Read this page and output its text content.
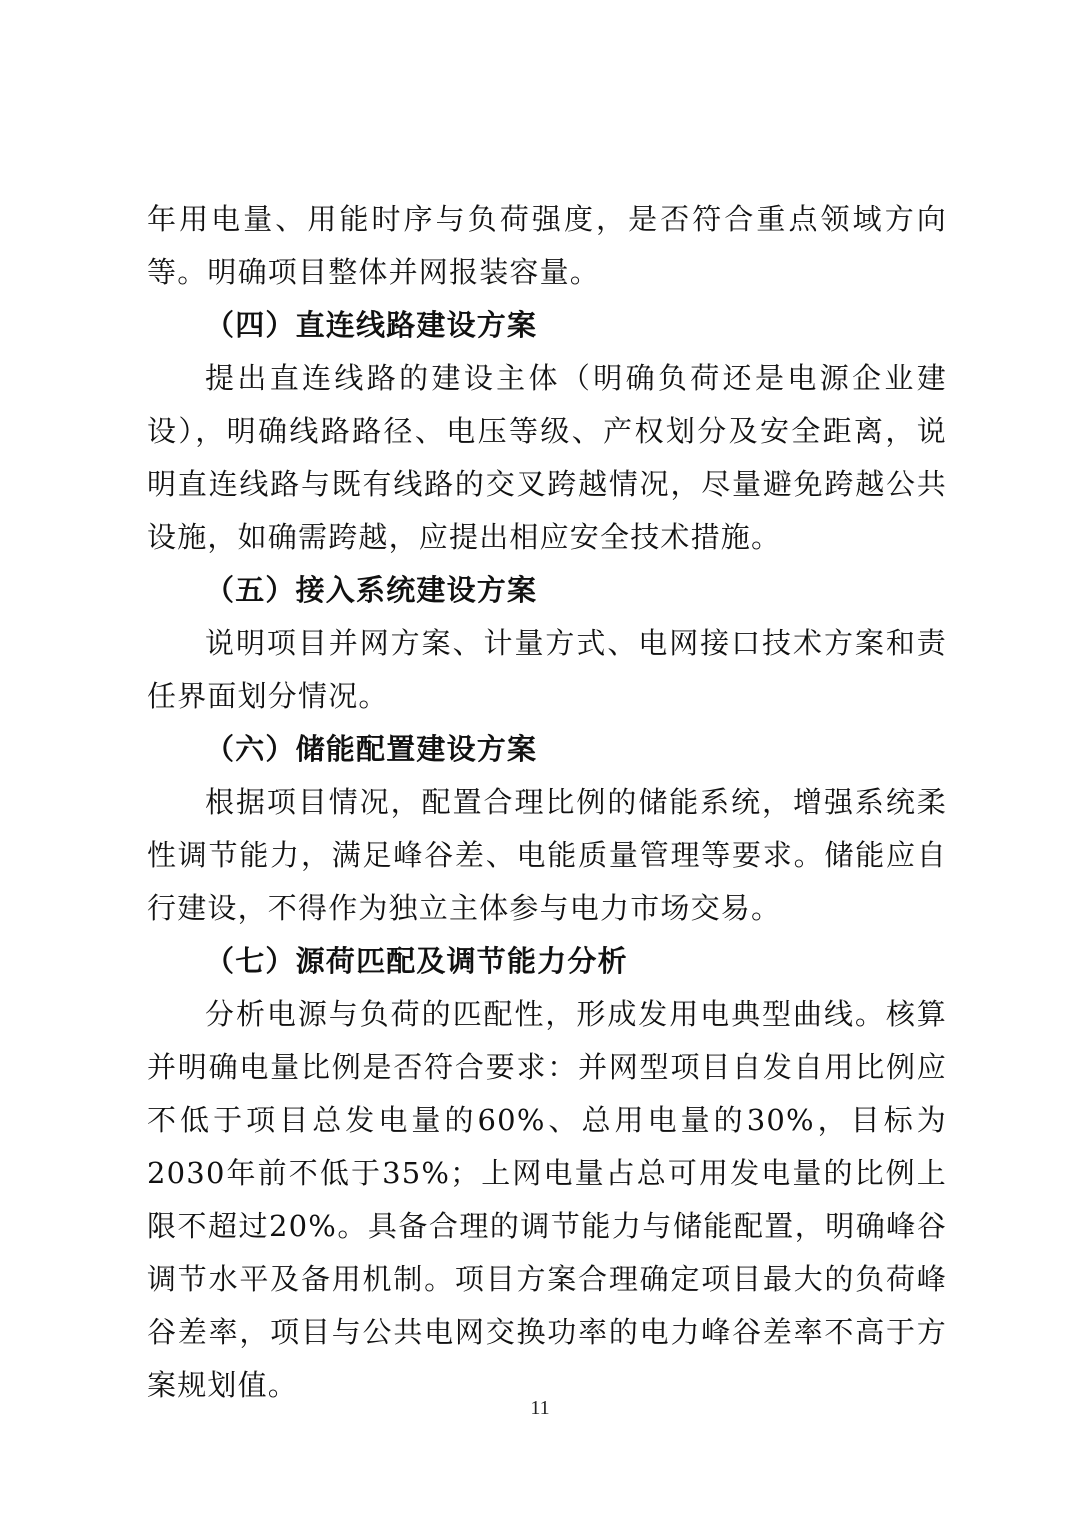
年用电量、用能时序与负荷强度，是否符合重点领域方向等。明确项目整体并网报装容量。

（四）直连线路建设方案

提出直连线路的建设主体（明确负荷还是电源企业建设），明确线路路径、电压等级、产权划分及安全距离，说明直连线路与既有线路的交叉跨越情况，尽量避免跨越公共设施，如确需跨越，应提出相应安全技术措施。

（五）接入系统建设方案

说明项目并网方案、计量方式、电网接口技术方案和责任界面划分情况。

（六）储能配置建设方案

根据项目情况，配置合理比例的储能系统，增强系统柔性调节能力，满足峰谷差、电能质量管理等要求。储能应自行建设，不得作为独立主体参与电力市场交易。

（七）源荷匹配及调节能力分析

分析电源与负荷的匹配性，形成发用电典型曲线。核算并明确电量比例是否符合要求：并网型项目自发自用比例应不低于项目总发电量的60%、总用电量的30%，目标为2030年前不低于35%；上网电量占总可用发电量的比例上限不超过20%。具备合理的调节能力与储能配置，明确峰谷调节水平及备用机制。项目方案合理确定项目最大的负荷峰谷差率，项目与公共电网交换功率的电力峰谷差率不高于方案规划值。

11
